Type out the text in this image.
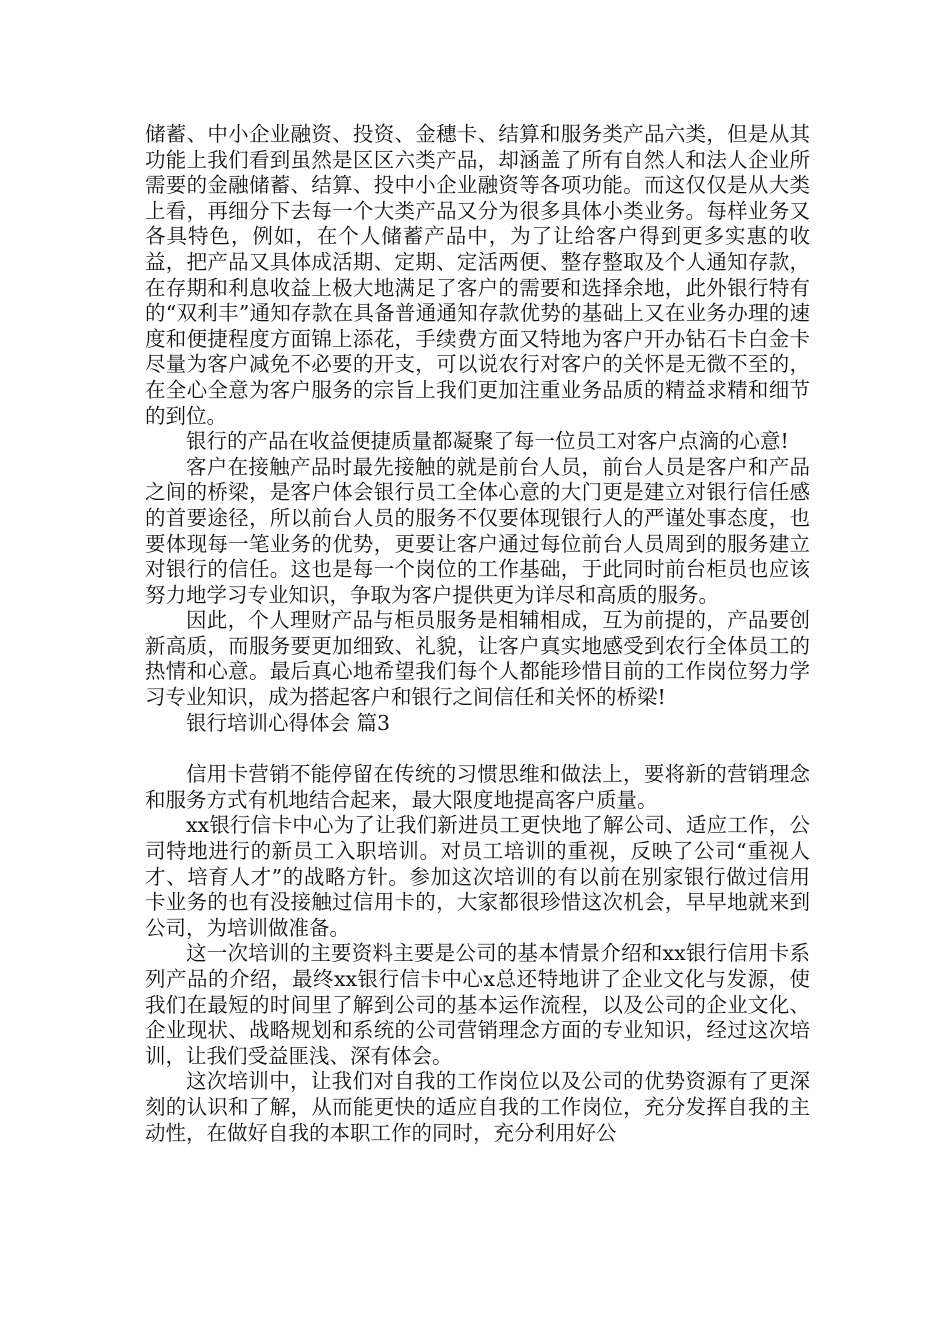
储蓄、中小企业融资、投资、金穗卡、结算和服务类产品六类，但是从其功能上我们看到虽然是区区六类产品，却涵盖了所有自然人和法人企业所需要的金融储蓄、结算、投中小企业融资等各项功能。而这仅仅是从大类上看，再细分下去每一个大类产品又分为很多具体小类业务。每样业务又各具特色，例如，在个人储蓄产品中，为了让给客户得到更多实惠的收益，把产品又具体成活期、定期、定活两便、整存整取及个人通知存款，在存期和利息收益上极大地满足了客户的需要和选择余地，此外银行特有的“双利丰”通知存款在具备普通通知存款优势的基础上又在业务办理的速度和便捷程度方面锦上添花，手续费方面又特地为客户开办钻石卡白金卡尽量为客户减免不必要的开支，可以说农行对客户的关怀是无微不至的，在全心全意为客户服务的宗旨上我们更加注重业务品质的精益求精和细节的到位。

银行的产品在收益便捷质量都凝聚了每一位员工对客户点滴的心意!

客户在接触产品时最先接触的就是前台人员，前台人员是客户和产品之间的桥梁，是客户体会银行员工全体心意的大门更是建立对银行信任感的首要途径，所以前台人员的服务不仅要体现银行人的严谨处事态度，也要体现每一笔业务的优势，更要让客户通过每位前台人员周到的服务建立对银行的信任。这也是每一个岗位的工作基础，于此同时前台柜员也应该努力地学习专业知识，争取为客户提供更为详尽和高质的服务。

因此，个人理财产品与柜员服务是相辅相成，互为前提的，产品要创新高质，而服务要更加细致、礼貌，让客户真实地感受到农行全体员工的热情和心意。最后真心地希望我们每个人都能珍惜目前的工作岗位努力学习专业知识，成为搭起客户和银行之间信任和关怀的桥梁!

银行培训心得体会 篇3

信用卡营销不能停留在传统的习惯思维和做法上，要将新的营销理念和服务方式有机地结合起来，最大限度地提高客户质量。

xx银行信卡中心为了让我们新进员工更快地了解公司、适应工作，公司特地进行的新员工入职培训。对员工培训的重视，反映了公司“重视人才、培育人才”的战略方针。参加这次培训的有以前在别家银行做过信用卡业务的也有没接触过信用卡的，大家都很珍惜这次机会，早早地就来到公司，为培训做准备。

这一次培训的主要资料主要是公司的基本情景介绍和xx银行信用卡系列产品的介绍，最终xx银行信卡中心x总还特地讲了企业文化与发源，使我们在最短的时间里了解到公司的基本运作流程，以及公司的企业文化、企业现状、战略规划和系统的公司营销理念方面的专业知识，经过这次培训，让我们受益匪浅、深有体会。

这次培训中，让我们对自我的工作岗位以及公司的优势资源有了更深刻的认识和了解，从而能更快的适应自我的工作岗位，充分发挥自我的主动性，在做好自我的本职工作的同时，充分利用好公
